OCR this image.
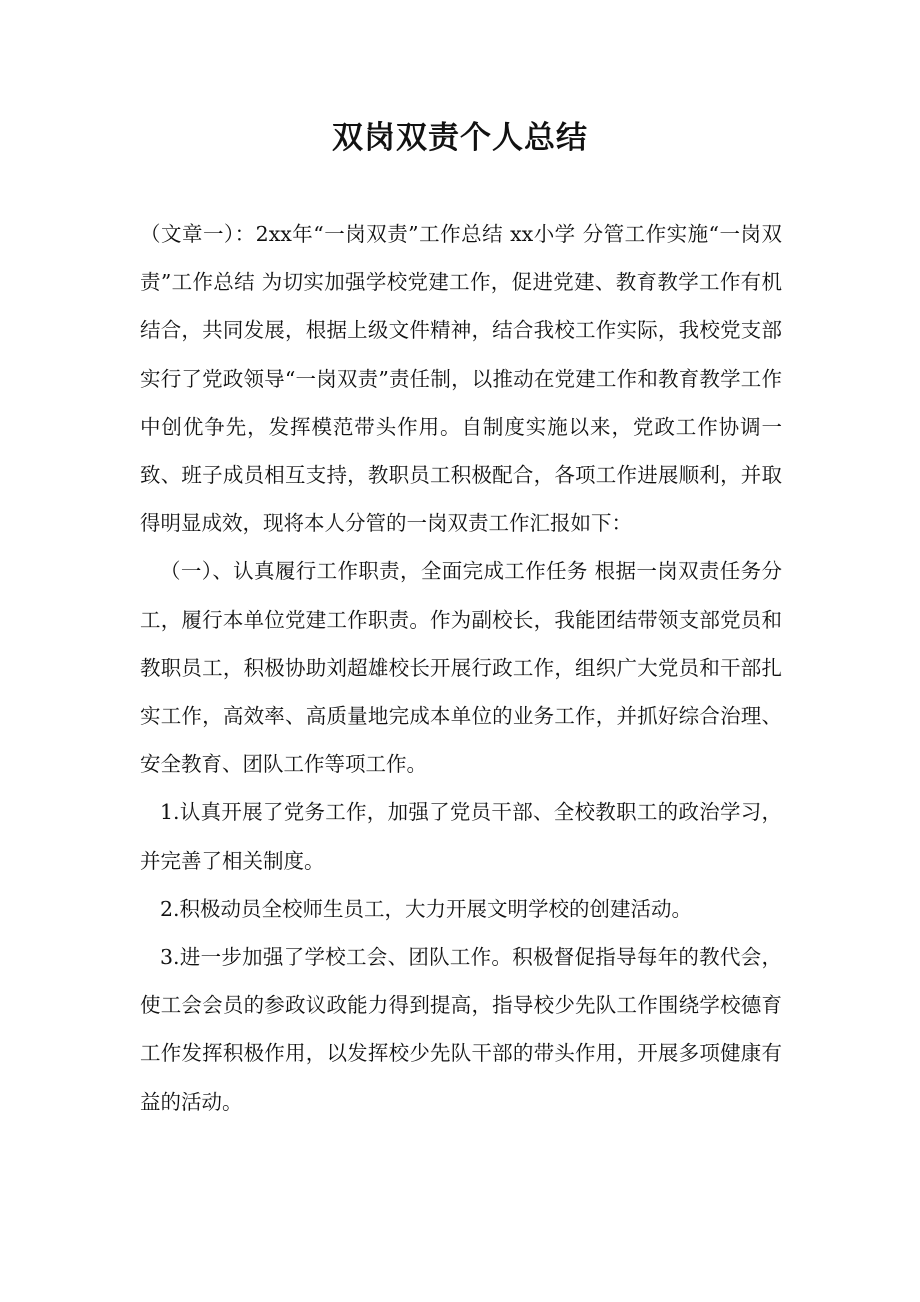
双岗双责个人总结

（文章一）：2xx年“一岗双责”工作总结 xx小学 分管工作实施“一岗双责”工作总结 为切实加强学校党建工作，促进党建、教育教学工作有机结合，共同发展，根据上级文件精神，结合我校工作实际，我校党支部实行了党政领导“一岗双责”责任制，以推动在党建工作和教育教学工作中创优争先，发挥模范带头作用。自制度实施以来，党政工作协调一致、班子成员相互支持，教职员工积极配合，各项工作进展顺利，并取得明显成效，现将本人分管的一岗双责工作汇报如下：

（一）、认真履行工作职责，全面完成工作任务 根据一岗双责任务分工，履行本单位党建工作职责。作为副校长，我能团结带领支部党员和教职员工，积极协助刘超雄校长开展行政工作，组织广大党员和干部扎实工作，高效率、高质量地完成本单位的业务工作，并抓好综合治理、安全教育、团队工作等项工作。

1.认真开展了党务工作，加强了党员干部、全校教职工的政治学习，并完善了相关制度。

2.积极动员全校师生员工，大力开展文明学校的创建活动。

3.进一步加强了学校工会、团队工作。积极督促指导每年的教代会，使工会会员的参政议政能力得到提高，指导校少先队工作围绕学校德育工作发挥积极作用，以发挥校少先队干部的带头作用，开展多项健康有益的活动。
